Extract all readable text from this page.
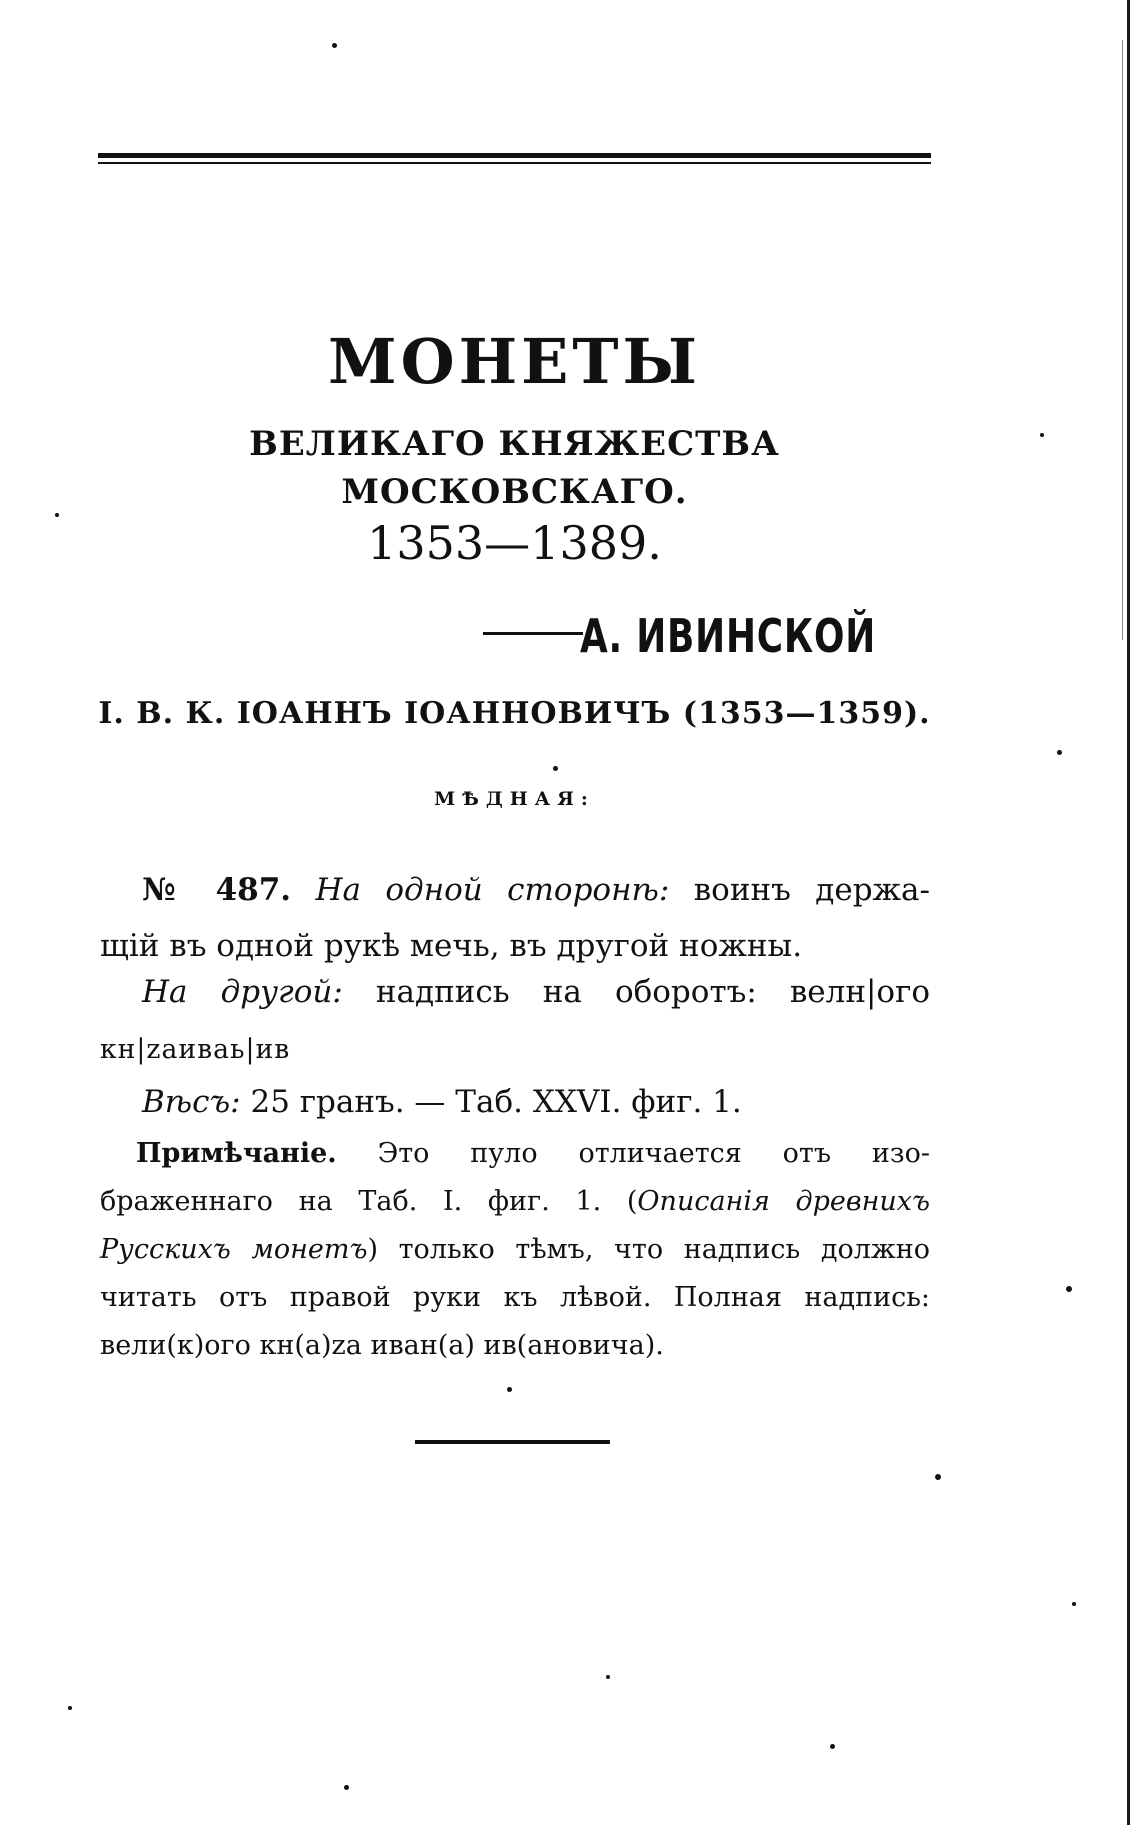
МОНЕТЫ
ВЕЛИКАГО КНЯЖЕСТВА МОСКОВСКАГО.
1353—1389.
А. ИВИНСКОЙ
I. В. К. ІОАННЪ ІОАННОВИЧЪ (1353—1359).
МѢДНАЯ:
№ 487. На одной сторонѣ: воинъ держа-
щій въ одной рукѣ мечь, въ другой ножны.
На другой: надпись на оборотъ: велн|ого
кн|zаиваь|ив
Вѣсъ: 25 гранъ. — Таб. XXVI. фиг. 1.
Примѣчаніе. Это пуло отличается отъ изо-браженнаго на Таб. I. фиг. 1. (Описанія древнихъ Русскихъ монетъ) только тѣмъ, что надпись должно читать отъ правой руки къ лѣвой. Полная надпись: вели(к)ого кн(а)zа иван(а) ив(ановича).
